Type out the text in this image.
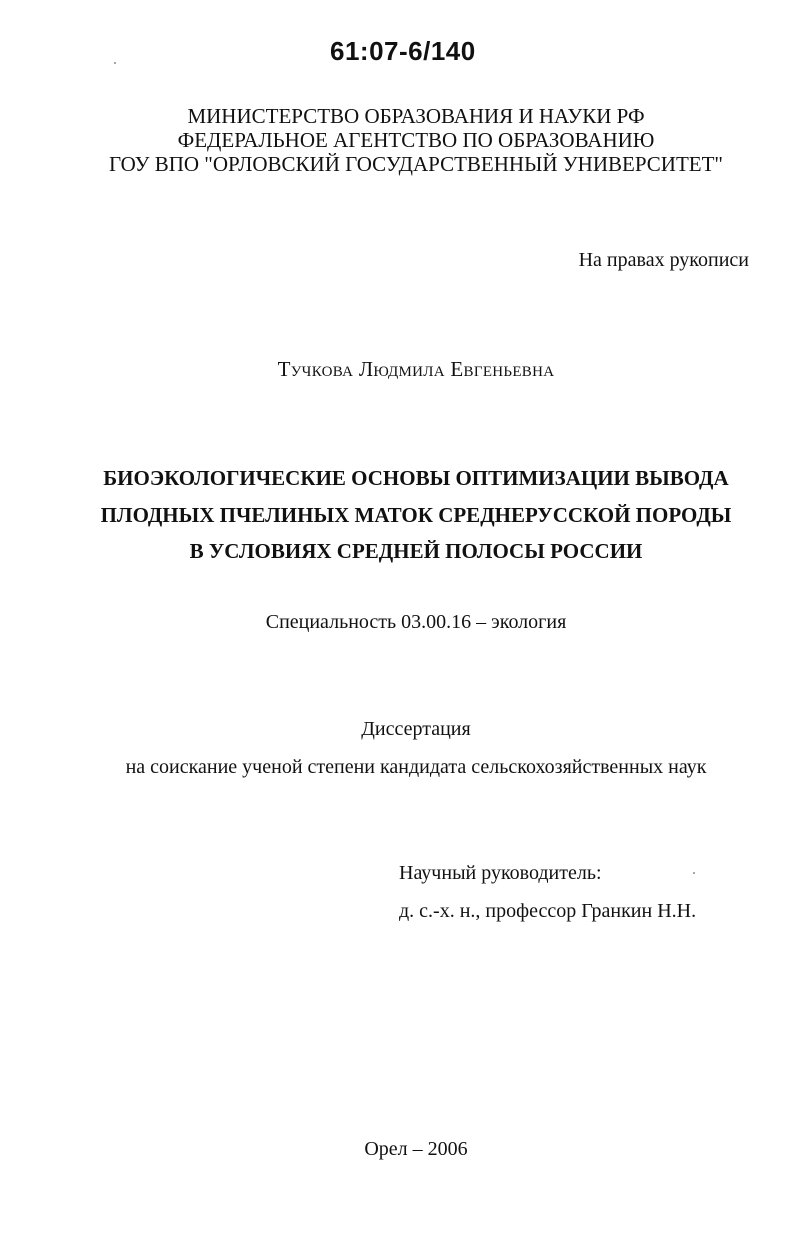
61:07-6/140
МИНИСТЕРСТВО ОБРАЗОВАНИЯ И НАУКИ РФ
ФЕДЕРАЛЬНОЕ АГЕНТСТВО ПО ОБРАЗОВАНИЮ
ГОУ ВПО "ОРЛОВСКИЙ ГОСУДАРСТВЕННЫЙ УНИВЕРСИТЕТ"
На правах рукописи
Тучкова Людмила Евгеньевна
БИОЭКОЛОГИЧЕСКИЕ ОСНОВЫ ОПТИМИЗАЦИИ ВЫВОДА
ПЛОДНЫХ ПЧЕЛИНЫХ МАТОК СРЕДНЕРУССКОЙ ПОРОДЫ
В УСЛОВИЯХ СРЕДНЕЙ ПОЛОСЫ РОССИИ
Специальность 03.00.16 – экология
Диссертация
на соискание ученой степени кандидата сельскохозяйственных наук
Научный руководитель:
д. с.-х. н., профессор Гранкин Н.Н.
Орел – 2006
